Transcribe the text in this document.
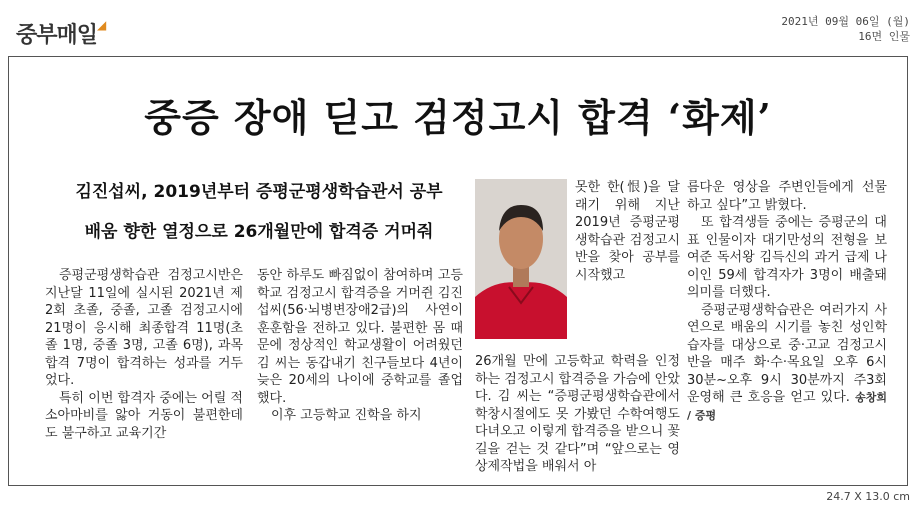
중부매일◢	2021년 09월 06일 (월)
16면 인물
중증 장애 딛고 검정고시 합격 ‘화제’
김진섭씨, 2019년부터 증평군평생학습관서 공부
배움 향한 열정으로 26개월만에 합격증 거머줘

증평군평생학습관 검정고시반은 지난달 11일에 실시된 2021년 제2회 초졸, 중졸, 고졸 검정고시에 21명이 응시해 최종합격 11명(초졸 1명, 중졸 3명, 고졸 6명), 과목합격 7명이 합격하는 성과를 거두었다.

특히 이번 합격자 중에는 어릴 적 소아마비를 앓아 거동이 불편한데도 불구하고 교육기간

동안 하루도 빠짐없이 참여하며 고등학교 검정고시 합격증을 거머쥔 김진섭씨(56·뇌병변장애2급)의 사연이 훈훈함을 전하고 있다. 불편한 몸 때문에 정상적인 학교생활이 어려웠던 김 씨는 동갑내기 친구들보다 4년이 늦은 20세의 나이에 중학교를 졸업했다.

이후 고등학교 진학을 하지

못한 한(恨)을 달래기 위해 지난 2019년 증평군평생학습관 검정고시반을 찾아 공부를 시작했고

26개월 만에 고등학교 학력을 인정하는 검정고시 합격증을 가슴에 안았다. 김 씨는 “증평군평생학습관에서 학창시절에도 못 가봤던 수학여행도 다녀오고 이렇게 합격증을 받으니 꽃길을 걷는 것 같다”며 “앞으로는 영상제작법을 배워서 아

름다운 영상을 주변인들에게 선물하고 싶다”고 밝혔다.

또 합격생들 중에는 증평군의 대표 인물이자 대기만성의 전형을 보여준 독서왕 김득신의 과거 급제 나이인 59세 합격자가 3명이 배출돼 의미를 더했다.

증평군평생학습관은 여러가지 사연으로 배움의 시기를 놓친 성인학습자를 대상으로 중·고교 검정고시 반을 매주 화·수·목요일 오후 6시 30분~오후 9시 30분까지 주3회 운영해 큰 호응을 얻고 있다. 송창희 / 증평

24.7 X 13.0 cm
